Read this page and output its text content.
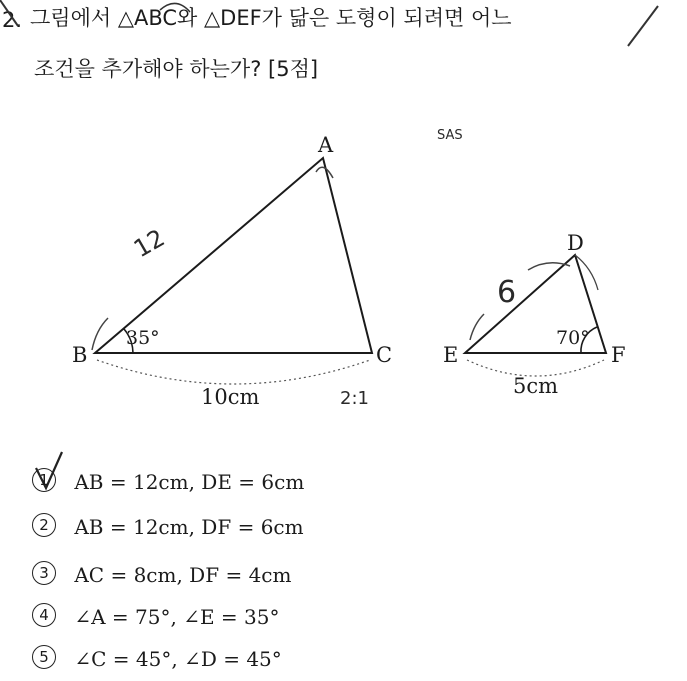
2. 그림에서 △ABC와 △DEF가 닮은 도형이 되려면 어느
조건을 추가해야 하는가? [5점]
A
B	C
D
E	F
35°	70°
10cm	5cm
12
6
SAS
2:1
1 AB = 12cm, DE = 6cm
2 AB = 12cm, DF = 6cm
3 AC = 8cm, DF = 4cm
4 ∠A = 75°, ∠E = 35°
5 ∠C = 45°, ∠D = 45°
